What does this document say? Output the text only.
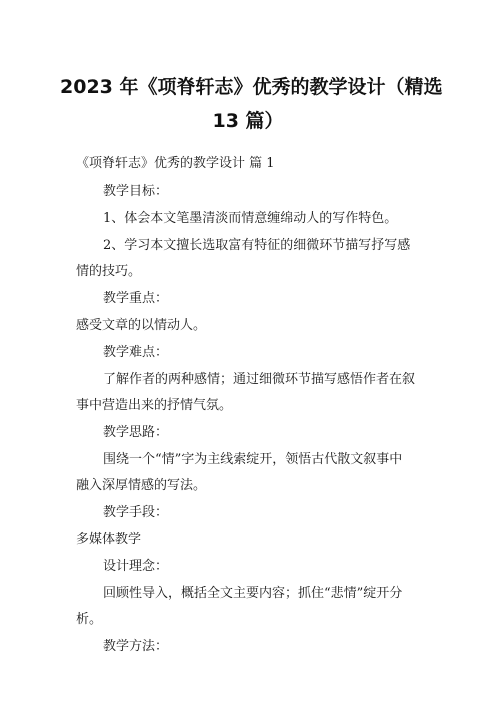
2023 年《项脊轩志》优秀的教学设计（精选
13 篇）
《项脊轩志》优秀的教学设计 篇 1
教学目标：
1、体会本文笔墨清淡而情意缠绵动人的写作特色。
2、学习本文擅长选取富有特征的细微环节描写抒写感
情的技巧。
教学重点：
感受文章的以情动人。
教学难点：
了解作者的两种感情；通过细微环节描写感悟作者在叙
事中营造出来的抒情气氛。
教学思路：
围绕一个“情”字为主线索绽开，领悟古代散文叙事中
融入深厚情感的写法。
教学手段：
多媒体教学
设计理念：
回顾性导入，概括全文主要内容；抓住“悲情”绽开分
析。
教学方法：
